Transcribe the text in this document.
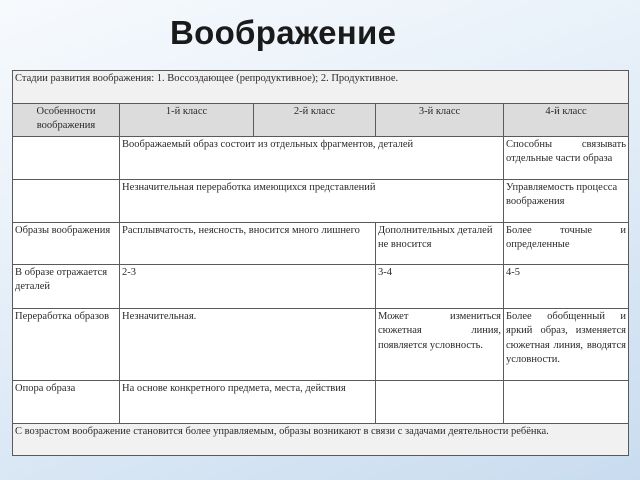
Воображение
Стадии развития воображения: 1. Воссоздающее (репродуктивное); 2. Продуктивное.				
Особенности воображения	1-й класс	2-й класс	3-й класс	4-й класс
	Воображаемый образ состоит из отдельных фрагментов, деталей			Способны связывать отдельные части образа
	Незначительная переработка имеющихся представлений			Управляемость процесса воображения
Образы воображения	Расплывчатость, неясность, вносится много лишнего		Дополнительных деталей не вносится	Более точные и определенные
В образе отражается деталей	2-3		3-4	4-5
Переработка образов	Незначительная.		Может измениться сюжетная линия, появляется условность.	Более обобщенный и яркий образ, изменяется сюжетная линия, вводятся условности.
Опора образа	На основе конкретного предмета, места, действия			
С возрастом воображение становится более управляемым, образы возникают в связи с задачами деятельности ребёнка.				
